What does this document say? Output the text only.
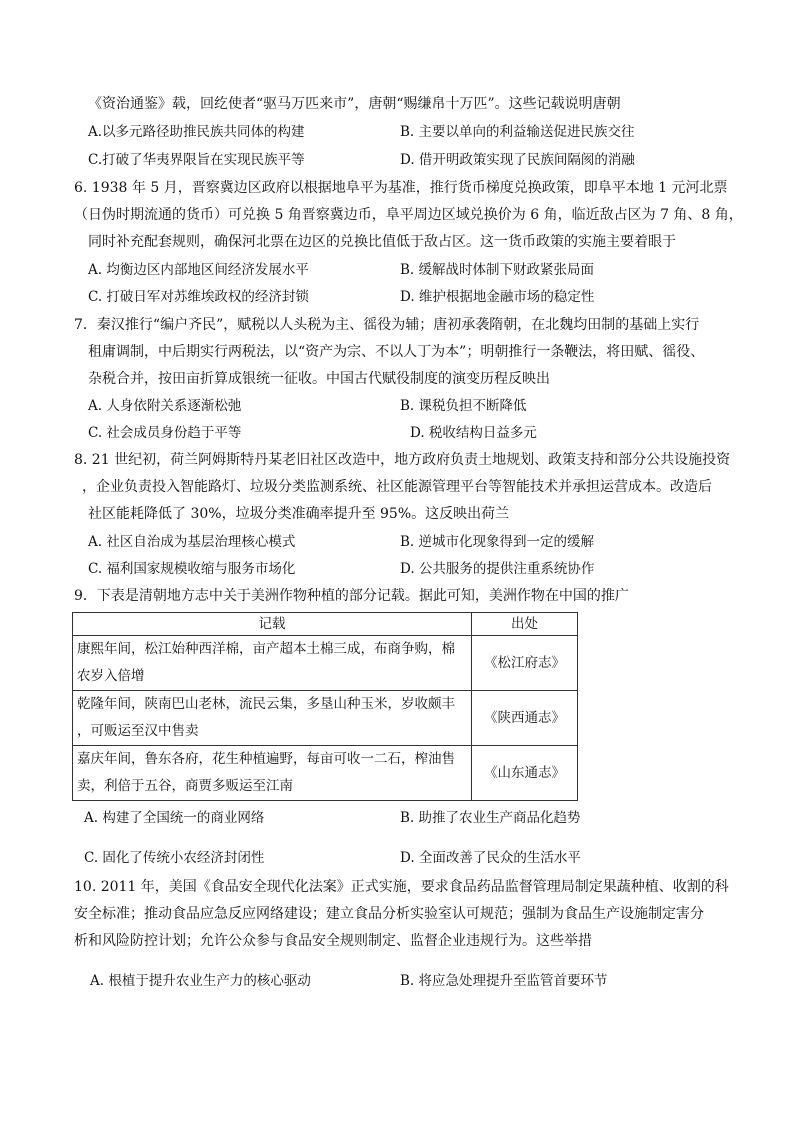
《资治通鉴》载，回纥使者“驱马万匹来市”，唐朝“赐缣帛十万匹”。这些记载说明唐朝
A.以多元路径助推民族共同体的构建	B. 主要以单向的利益输送促进民族交往
C.打破了华夷界限旨在实现民族平等	D. 借开明政策实现了民族间隔阂的消融
6. 1938 年 5 月，晋察冀边区政府以根据地阜平为基准，推行货币梯度兑换政策，即阜平本地 1 元河北票
（日伪时期流通的货币）可兑换 5 角晋察冀边币，阜平周边区域兑换价为 6 角，临近敌占区为 7 角、8 角，
同时补充配套规则，确保河北票在边区的兑换比值低于敌占区。这一货币政策的实施主要着眼于
A. 均衡边区内部地区间经济发展水平	B. 缓解战时体制下财政紧张局面
C. 打破日军对苏维埃政权的经济封锁	D. 维护根据地金融市场的稳定性
7．秦汉推行“编户齐民”，赋税以人头税为主、徭役为辅；唐初承袭隋朝，在北魏均田制的基础上实行
租庸调制，中后期实行两税法，以“资产为宗、不以人丁为本”；明朝推行一条鞭法，将田赋、徭役、
杂税合并，按田亩折算成银统一征收。中国古代赋役制度的演变历程反映出
A. 人身依附关系逐渐松弛	B. 课税负担不断降低
C. 社会成员身份趋于平等	D. 税收结构日益多元
8. 21 世纪初，荷兰阿姆斯特丹某老旧社区改造中，地方政府负责土地规划、政策支持和部分公共设施投资
，企业负责投入智能路灯、垃圾分类监测系统、社区能源管理平台等智能技术并承担运营成本。改造后
社区能耗降低了 30%，垃圾分类准确率提升至 95%。这反映出荷兰
A. 社区自治成为基层治理核心模式	B. 逆城市化现象得到一定的缓解
C. 福利国家规模收缩与服务市场化	D. 公共服务的提供注重系统协作
9．下表是清朝地方志中关于美洲作物种植的部分记载。据此可知，美洲作物在中国的推广
记载	出处

康熙年间，松江始种西洋棉，亩产超本土棉三成，布商争购，棉
农岁入倍增	《松江府志》

乾隆年间，陕南巴山老林，流民云集，多垦山种玉米，岁收颇丰
，可贩运至汉中售卖	《陕西通志》

嘉庆年间，鲁东各府，花生种植遍野，每亩可收一二石，榨油售
卖，利倍于五谷，商贾多贩运至江南	《山东通志》
A. 构建了全国统一的商业网络	B. 助推了农业生产商品化趋势
C. 固化了传统小农经济封闭性	D. 全面改善了民众的生活水平
10. 2011 年，美国《食品安全现代化法案》正式实施，要求食品药品监督管理局制定果蔬种植、收割的科
安全标准；推动食品应急反应网络建设；建立食品分析实验室认可规范；强制为食品生产设施制定害分
析和风险防控计划；允许公众参与食品安全规则制定、监督企业违规行为。这些举措
A. 根植于提升农业生产力的核心驱动	B. 将应急处理提升至监管首要环节
